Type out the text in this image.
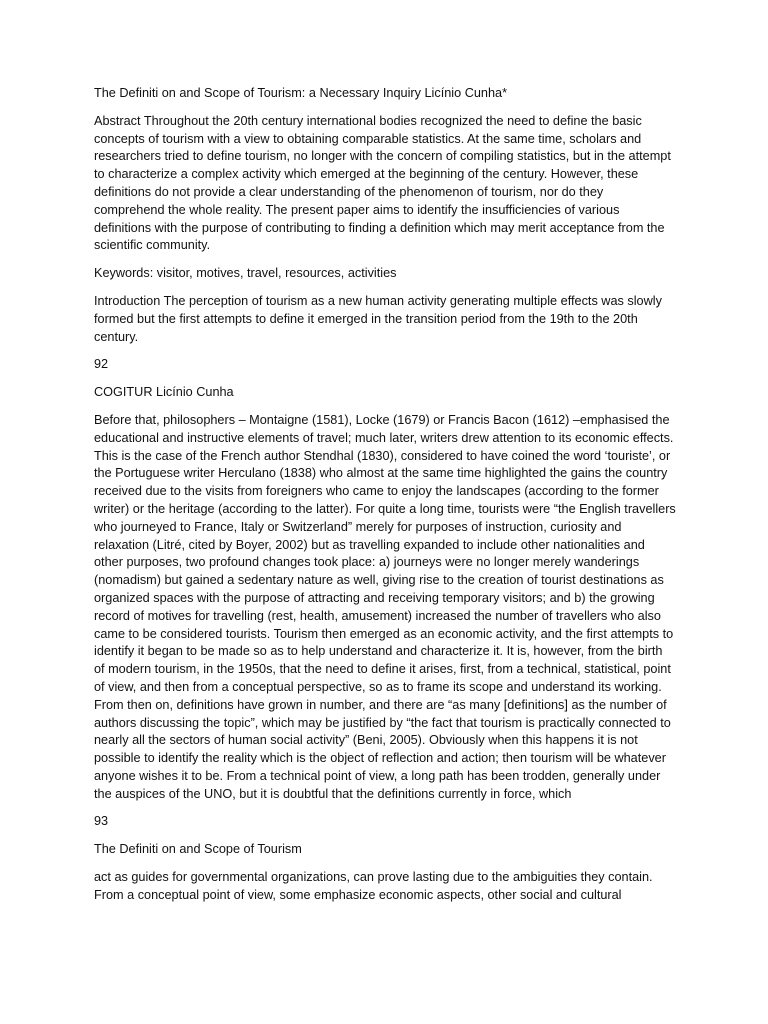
The Definiti on and Scope of Tourism: a Necessary Inquiry Licínio Cunha*

Abstract Throughout the 20th century international bodies recognized the need to define the basic concepts of tourism with a view to obtaining comparable statistics. At the same time, scholars and researchers tried to define tourism, no longer with the concern of compiling statistics, but in the attempt to characterize a complex activity which emerged at the beginning of the century. However, these definitions do not provide a clear understanding of the phenomenon of tourism, nor do they comprehend the whole reality. The present paper aims to identify the insufficiencies of various definitions with the purpose of contributing to finding a definition which may merit acceptance from the scientific community.

Keywords: visitor, motives, travel, resources, activities

Introduction The perception of tourism as a new human activity generating multiple effects was slowly formed but the first attempts to define it emerged in the transition period from the 19th to the 20th century.

92

COGITUR Licínio Cunha

Before that, philosophers – Montaigne (1581), Locke (1679) or Francis Bacon (1612) –emphasised the educational and instructive elements of travel; much later, writers drew attention to its economic effects. This is the case of the French author Stendhal (1830), considered to have coined the word ‘touriste’, or the Portuguese writer Herculano (1838) who almost at the same time highlighted the gains the country received due to the visits from foreigners who came to enjoy the landscapes (according to the former writer) or the heritage (according to the latter). For quite a long time, tourists were “the English travellers who journeyed to France, Italy or Switzerland” merely for purposes of instruction, curiosity and relaxation (Litré, cited by Boyer, 2002) but as travelling expanded to include other nationalities and other purposes, two profound changes took place: a) journeys were no longer merely wanderings (nomadism) but gained a sedentary nature as well, giving rise to the creation of tourist destinations as organized spaces with the purpose of attracting and receiving temporary visitors; and b) the growing record of motives for travelling (rest, health, amusement) increased the number of travellers who also came to be considered tourists. Tourism then emerged as an economic activity, and the first attempts to identify it began to be made so as to help understand and characterize it. It is, however, from the birth of modern tourism, in the 1950s, that the need to define it arises, first, from a technical, statistical, point of view, and then from a conceptual perspective, so as to frame its scope and understand its working. From then on, definitions have grown in number, and there are “as many [definitions] as the number of authors discussing the topic”, which may be justified by “the fact that tourism is practically connected to nearly all the sectors of human social activity” (Beni, 2005). Obviously when this happens it is not possible to identify the reality which is the object of reflection and action; then tourism will be whatever anyone wishes it to be. From a technical point of view, a long path has been trodden, generally under the auspices of the UNO, but it is doubtful that the definitions currently in force, which

93

The Definiti on and Scope of Tourism

act as guides for governmental organizations, can prove lasting due to the ambiguities they contain. From a conceptual point of view, some emphasize economic aspects, other social and cultural
